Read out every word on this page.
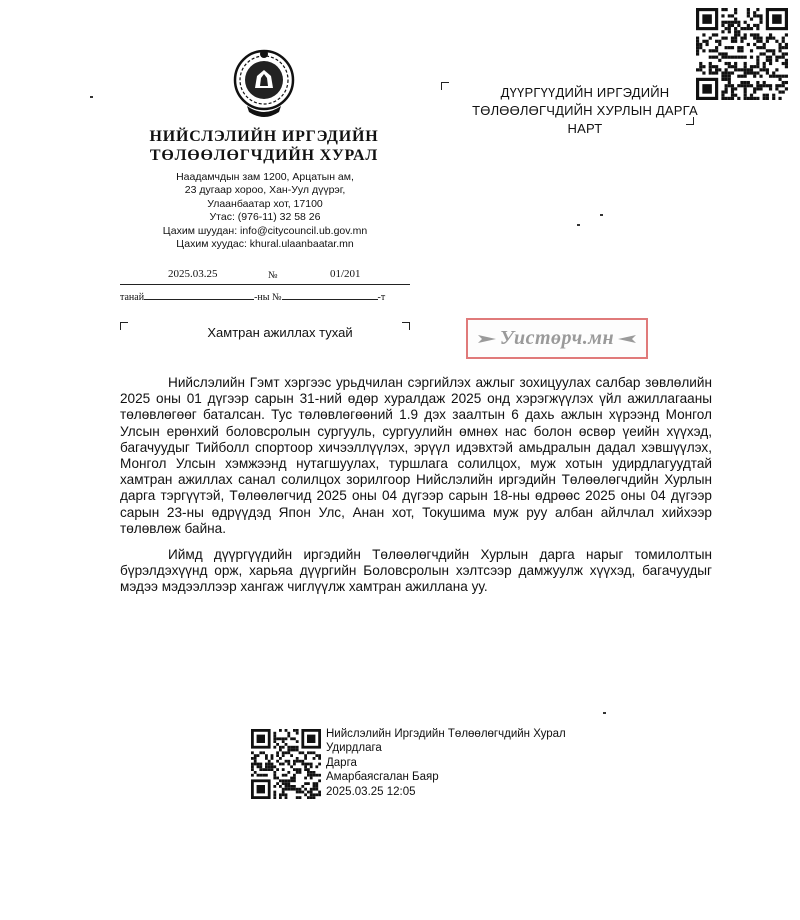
НИЙСЛЭЛИЙН ИРГЭДИЙН
ТӨЛӨӨЛӨГЧДИЙН ХУРАЛ
Наадамчдын зам 1200, Арцатын ам,
23 дугаар хороо, Хан-Уул дүүрэг,
Улаанбаатар хот, 17100
Утас: (976-11) 32 58 26
Цахим шуудан: info@citycouncil.ub.gov.mn
Цахим хуудас: khural.ulaanbaatar.mn
2025.03.25	№	01/201
танай	-ны №	-т
Хамтран ажиллах тухай
ДҮҮРГҮҮДИЙН ИРГЭДИЙН
ТӨЛӨӨЛӨГЧДИЙН ХУРЛЫН ДАРГА
НАРТ
Уистөрч.мн

Нийслэлийн Гэмт хэргээс урьдчилан сэргийлэх ажлыг зохицуулах салбар зөвлөлийн 2025 оны 01 дүгээр сарын 31-ний өдөр хуралдаж 2025 онд хэрэгжүүлэх үйл ажиллагааны төлөвлөгөөг баталсан. Тус төлөвлөгөөний 1.9 дэх заалтын 6 дахь ажлын хүрээнд Монгол Улсын ерөнхий боловсролын сургууль, сургуулийн өмнөх нас болон өсвөр үеийн хүүхэд, багачуудыг Тийболл спортоор хичээллүүлэх, эрүүл идэвхтэй амьдралын дадал хэвшүүлэх, Монгол Улсын хэмжээнд нутагшуулах, туршлага солилцох, муж хотын удирдлагуудтай хамтран ажиллах санал солилцох зорилгоор Нийслэлийн иргэдийн Төлөөлөгчдийн Хурлын дарга тэргүүтэй, Төлөөлөгчид 2025 оны 04 дүгээр сарын 18-ны өдрөөс 2025 оны 04 дүгээр сарын 23-ны өдрүүдэд Япон Улс, Анан хот, Токушима муж руу албан айлчлал хийхээр төлөвлөж байна.

Иймд дүүргүүдийн иргэдийн Төлөөлөгчдийн Хурлын дарга нарыг томилолтын бүрэлдэхүүнд орж, харьяа дүүргийн Боловсролын хэлтсээр дамжуулж хүүхэд, багачуудыг мэдээ мэдээллээр хангаж чиглүүлж хамтран ажиллана уу.

Нийслэлийн Иргэдийн Төлөөлөгчдийн Хурал
Удирдлага
Дарга
Амарбаясгалан Баяр
2025.03.25 12:05
